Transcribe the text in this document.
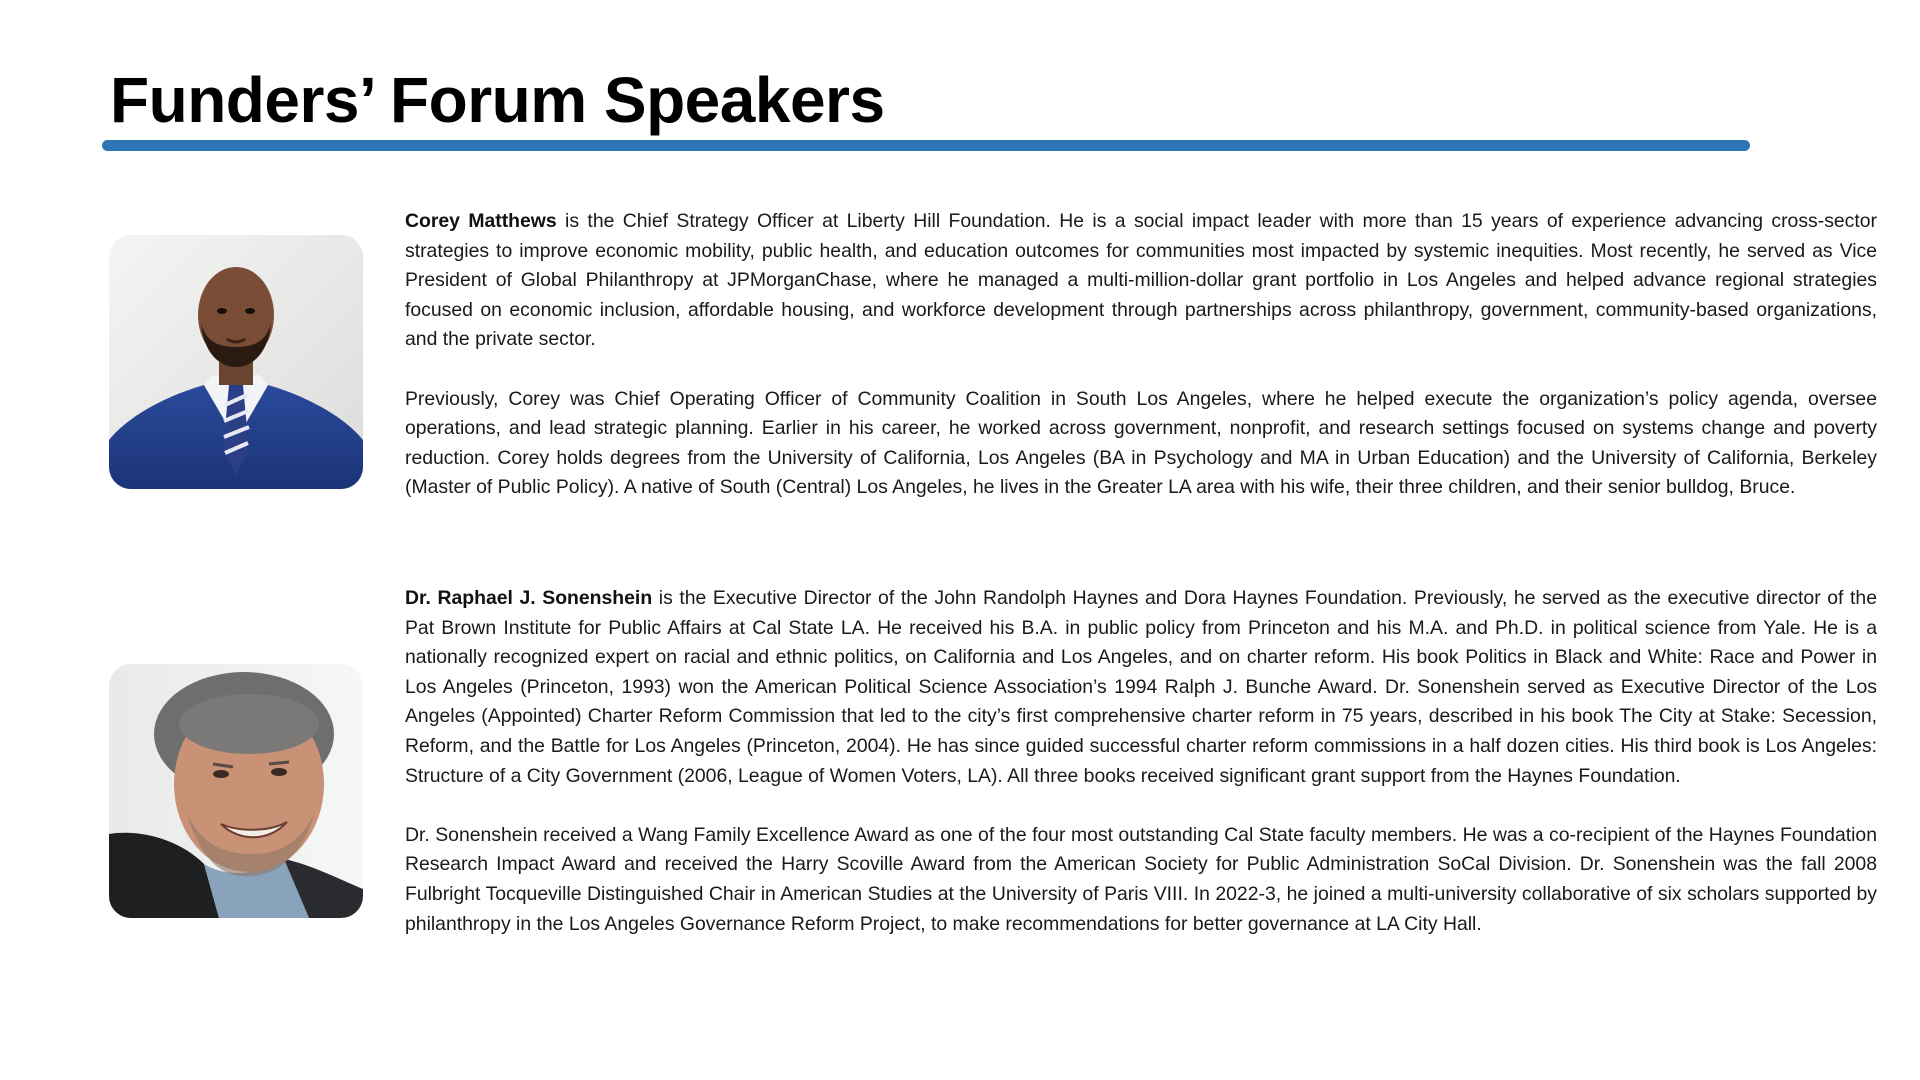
Funders’ Forum Speakers

Corey Matthews is the Chief Strategy Officer at Liberty Hill Foundation. He is a social impact leader with more than 15 years of experience advancing cross-sector strategies to improve economic mobility, public health, and education outcomes for communities most impacted by systemic inequities. Most recently, he served as Vice President of Global Philanthropy at JPMorganChase, where he managed a multi-million-dollar grant portfolio in Los Angeles and helped advance regional strategies focused on economic inclusion, affordable housing, and workforce development through partnerships across philanthropy, government, community-based organizations, and the private sector.

Previously, Corey was Chief Operating Officer of Community Coalition in South Los Angeles, where he helped execute the organization’s policy agenda, oversee operations, and lead strategic planning. Earlier in his career, he worked across government, nonprofit, and research settings focused on systems change and poverty reduction. Corey holds degrees from the University of California, Los Angeles (BA in Psychology and MA in Urban Education) and the University of California, Berkeley (Master of Public Policy). A native of South (Central) Los Angeles, he lives in the Greater LA area with his wife, their three children, and their senior bulldog, Bruce.

Dr. Raphael J. Sonenshein is the Executive Director of the John Randolph Haynes and Dora Haynes Foundation. Previously, he served as the executive director of the Pat Brown Institute for Public Affairs at Cal State LA. He received his B.A. in public policy from Princeton and his M.A. and Ph.D. in political science from Yale. He is a nationally recognized expert on racial and ethnic politics, on California and Los Angeles, and on charter reform. His book Politics in Black and White: Race and Power in Los Angeles (Princeton, 1993) won the American Political Science Association’s 1994 Ralph J. Bunche Award. Dr. Sonenshein served as Executive Director of the Los Angeles (Appointed) Charter Reform Commission that led to the city’s first comprehensive charter reform in 75 years, described in his book The City at Stake: Secession, Reform, and the Battle for Los Angeles (Princeton, 2004). He has since guided successful charter reform commissions in a half dozen cities. His third book is Los Angeles: Structure of a City Government (2006, League of Women Voters, LA). All three books received significant grant support from the Haynes Foundation.

Dr. Sonenshein received a Wang Family Excellence Award as one of the four most outstanding Cal State faculty members. He was a co-recipient of the Haynes Foundation Research Impact Award and received the Harry Scoville Award from the American Society for Public Administration SoCal Division. Dr. Sonenshein was the fall 2008 Fulbright Tocqueville Distinguished Chair in American Studies at the University of Paris VIII. In 2022-3, he joined a multi-university collaborative of six scholars supported by philanthropy in the Los Angeles Governance Reform Project, to make recommendations for better governance at LA City Hall.
